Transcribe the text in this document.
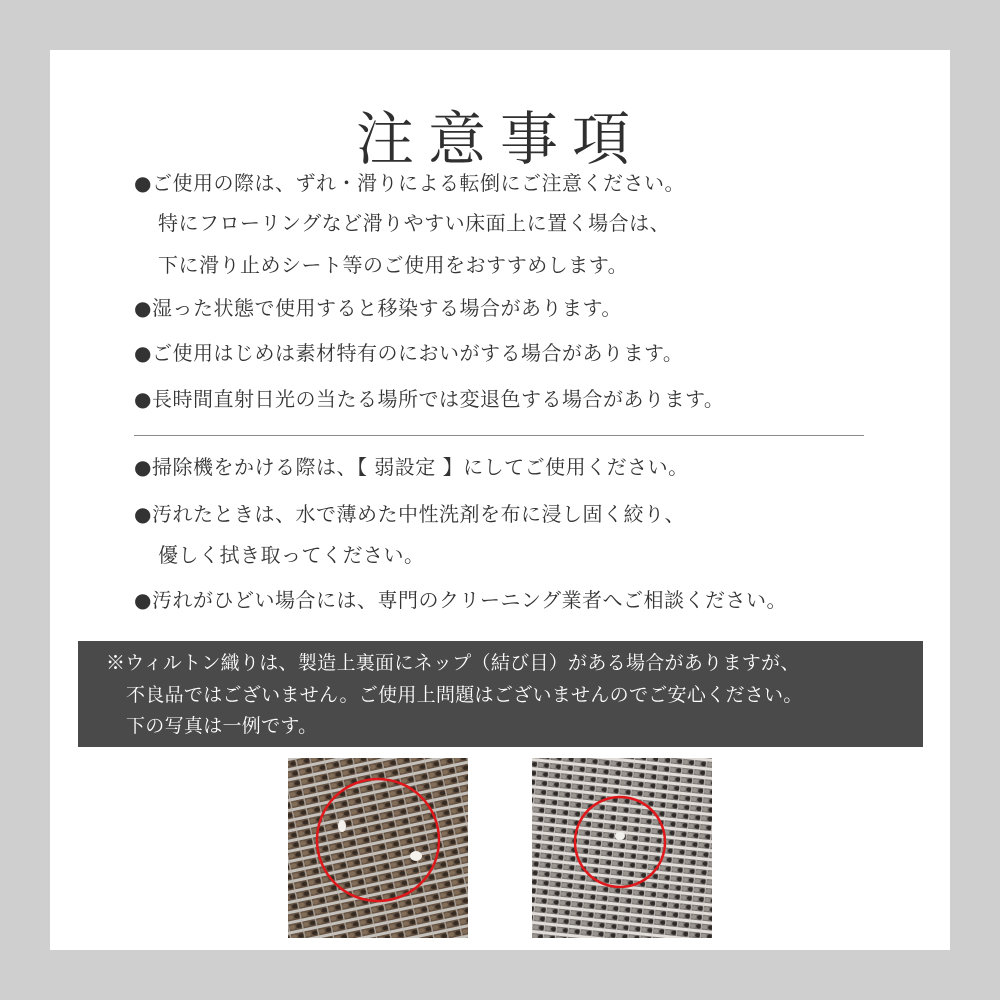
注意事項
●ご使用の際は、ずれ・滑りによる転倒にご注意ください。
特にフローリングなど滑りやすい床面上に置く場合は、
下に滑り止めシート等のご使用をおすすめします。
●湿った状態で使用すると移染する場合があります。
●ご使用はじめは素材特有のにおいがする場合があります。
●長時間直射日光の当たる場所では変退色する場合があります。
●掃除機をかける際は、【 弱設定 】にしてご使用ください。
●汚れたときは、水で薄めた中性洗剤を布に浸し固く絞り、
優しく拭き取ってください。
●汚れがひどい場合には、専門のクリーニング業者へご相談ください。
※ウィルトン織りは、製造上裏面にネップ（結び目）がある場合がありますが、
不良品ではございません。ご使用上問題はございませんのでご安心ください。
下の写真は一例です。
